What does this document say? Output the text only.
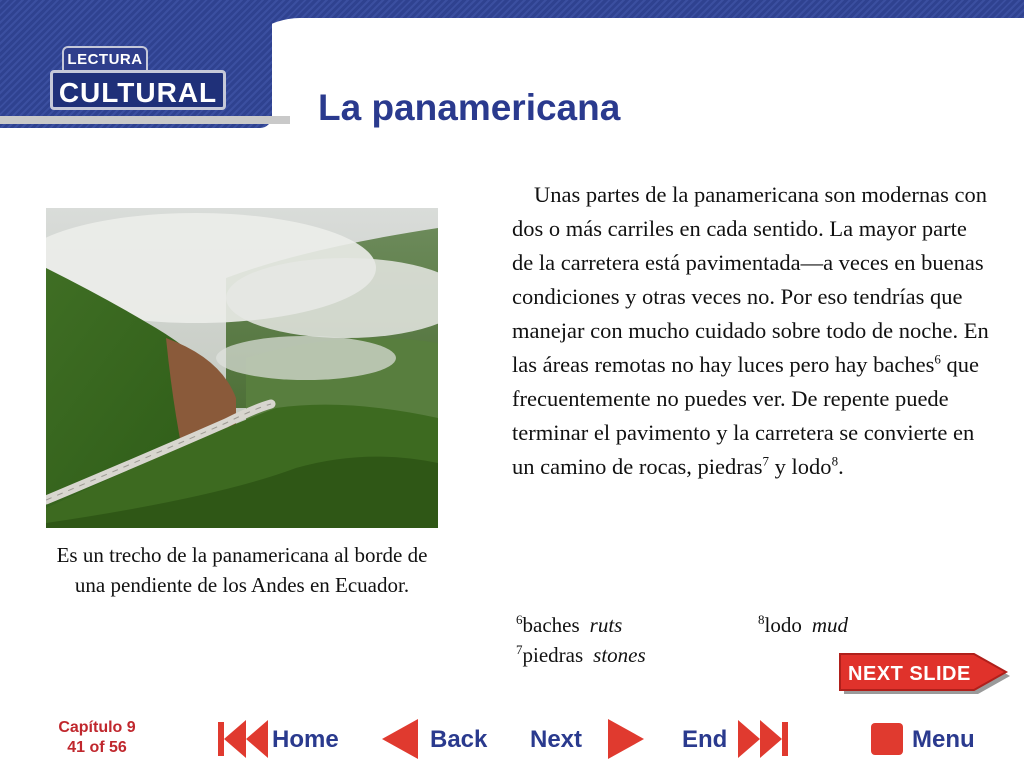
LECTURA
CULTURAL	La panamericana

Es un trecho de la panamericana al borde de una pendiente de los Andes en Ecuador.

Unas partes de la panamericana son modernas con dos o más carriles en cada sentido. La mayor parte de la carretera está pavimentada—a veces en buenas condiciones y otras veces no. Por eso tendrías que manejar con mucho cuidado sobre todo de noche. En las áreas remotas no hay luces pero hay baches$^6$ que frecuentemente no puedes ver. De repente puede terminar el pavimento y la carretera se convierte en un camino de rocas, piedras$^7$ y lodo$^8$.

$^6$baches ruts
$^7$piedras stones
$^8$lodo mud
NEXT SLIDE
Capítulo 9
41 of 56	Home	Back Next	End	Menu
